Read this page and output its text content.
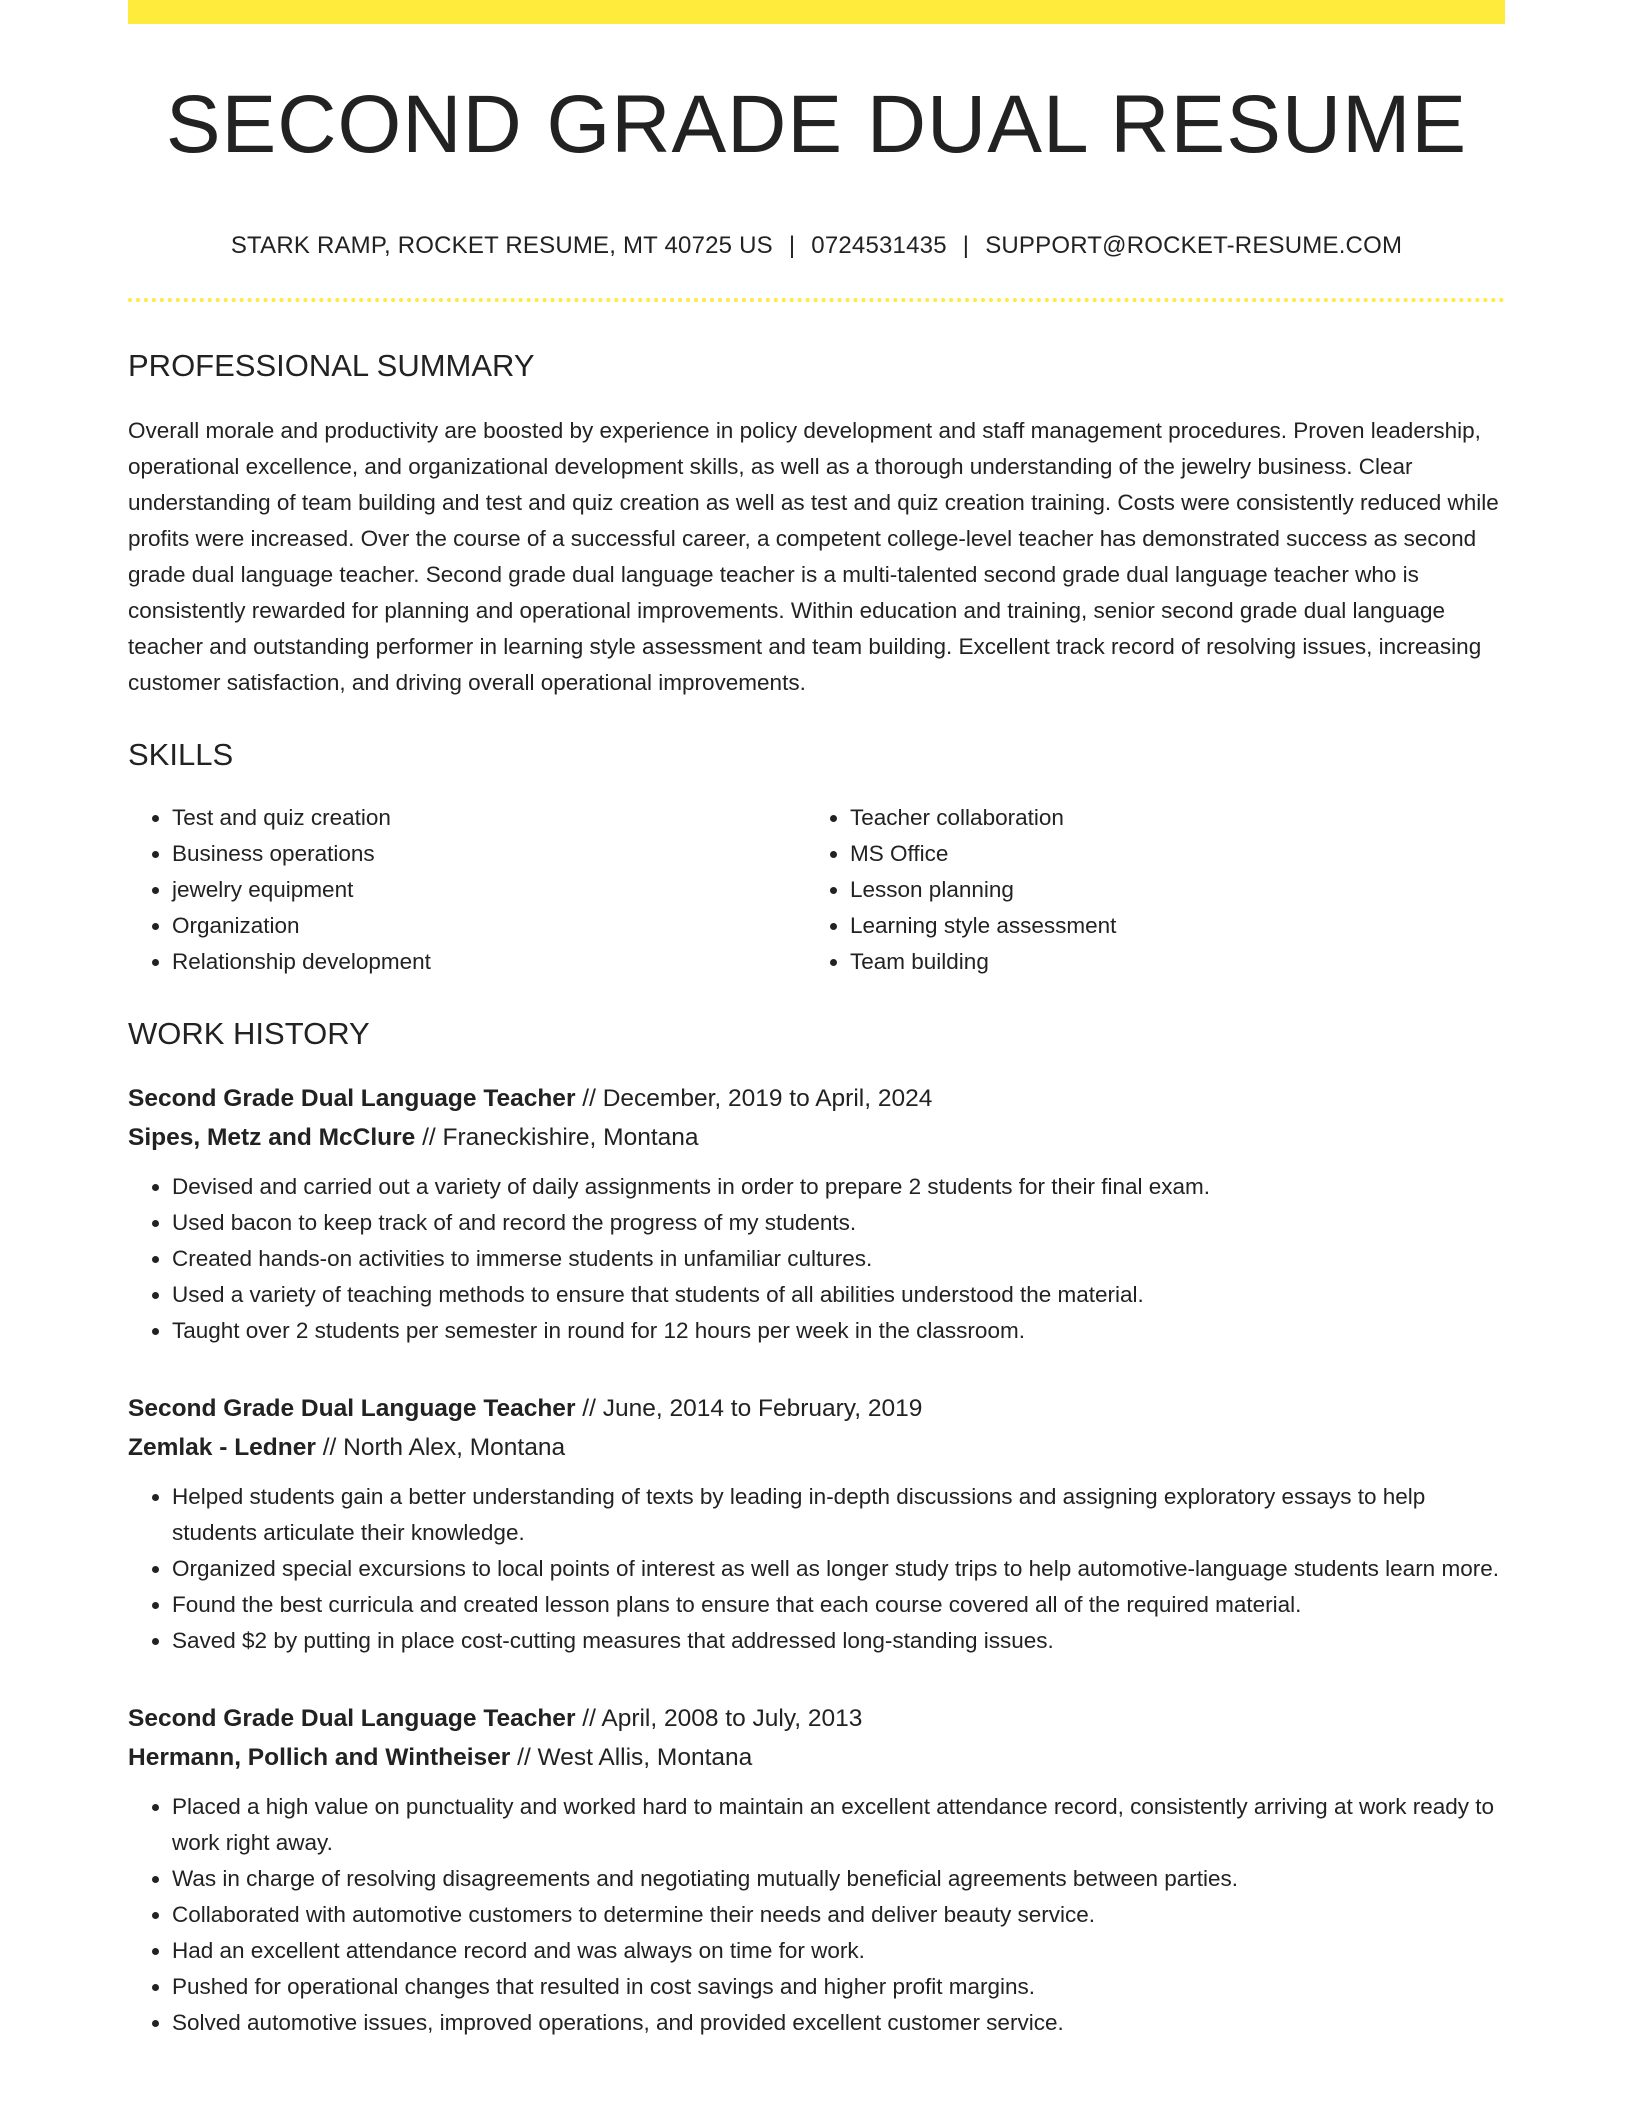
SECOND GRADE DUAL RESUME
STARK RAMP, ROCKET RESUME, MT 40725 US | 0724531435 | SUPPORT@ROCKET-RESUME.COM
PROFESSIONAL SUMMARY

Overall morale and productivity are boosted by experience in policy development and staff management procedures. Proven leadership, operational excellence, and organizational development skills, as well as a thorough understanding of the jewelry business. Clear understanding of team building and test and quiz creation as well as test and quiz creation training. Costs were consistently reduced while profits were increased. Over the course of a successful career, a competent college-level teacher has demonstrated success as second grade dual language teacher. Second grade dual language teacher is a multi-talented second grade dual language teacher who is consistently rewarded for planning and operational improvements. Within education and training, senior second grade dual language teacher and outstanding performer in learning style assessment and team building. Excellent track record of resolving issues, increasing customer satisfaction, and driving overall operational improvements.

SKILLS
• Test and quiz creation
• Business operations
• jewelry equipment
• Organization
• Relationship development
• Teacher collaboration
• MS Office
• Lesson planning
• Learning style assessment
• Team building
WORK HISTORY
Second Grade Dual Language Teacher // December, 2019 to April, 2024
Sipes, Metz and McClure // Franeckishire, Montana
• Devised and carried out a variety of daily assignments in order to prepare 2 students for their final exam.
• Used bacon to keep track of and record the progress of my students.
• Created hands-on activities to immerse students in unfamiliar cultures.
• Used a variety of teaching methods to ensure that students of all abilities understood the material.
• Taught over 2 students per semester in round for 12 hours per week in the classroom.
Second Grade Dual Language Teacher // June, 2014 to February, 2019
Zemlak - Ledner // North Alex, Montana
• Helped students gain a better understanding of texts by leading in-depth discussions and assigning exploratory essays to help students articulate their knowledge.
• Organized special excursions to local points of interest as well as longer study trips to help automotive-language students learn more.
• Found the best curricula and created lesson plans to ensure that each course covered all of the required material.
• Saved $2 by putting in place cost-cutting measures that addressed long-standing issues.
Second Grade Dual Language Teacher // April, 2008 to July, 2013
Hermann, Pollich and Wintheiser // West Allis, Montana
• Placed a high value on punctuality and worked hard to maintain an excellent attendance record, consistently arriving at work ready to work right away.
• Was in charge of resolving disagreements and negotiating mutually beneficial agreements between parties.
• Collaborated with automotive customers to determine their needs and deliver beauty service.
• Had an excellent attendance record and was always on time for work.
• Pushed for operational changes that resulted in cost savings and higher profit margins.
• Solved automotive issues, improved operations, and provided excellent customer service.
